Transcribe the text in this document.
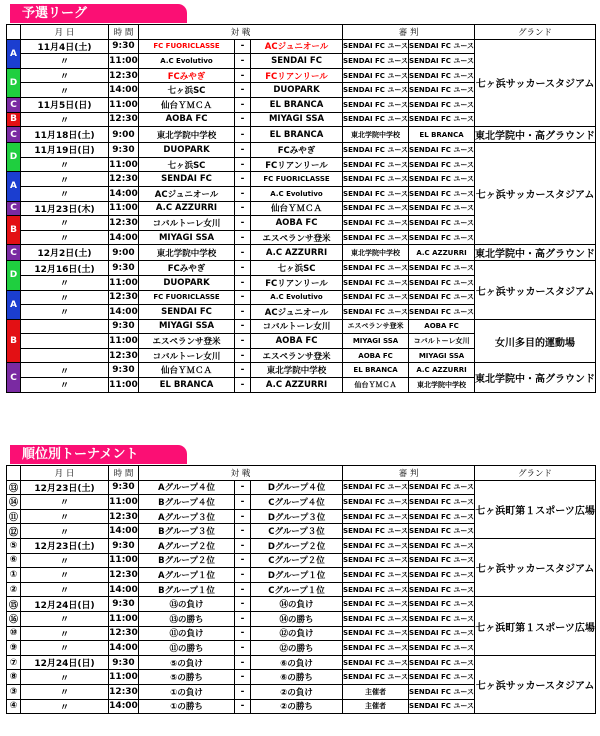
予選リーグ
	月 日	時 間	対 戦			審 判		グランド
A	11月4日(土)	9:30	FC FUORICLASSE	-	ACジュニオール	SENDAI FC ユース	SENDAI FC ユース	七ヶ浜サッカースタジアム
	〃	11:00	A.C Evolutivo	-	SENDAI FC	SENDAI FC ユース	SENDAI FC ユース	
D	〃	12:30	FCみやぎ	-	FCリアンリール	SENDAI FC ユース	SENDAI FC ユース	
	〃	14:00	七ヶ浜SC	-	DUOPARK	SENDAI FC ユース	SENDAI FC ユース	
C	11月5日(日)	11:00	仙台ＹＭＣＡ	-	EL BRANCA	SENDAI FC ユース	SENDAI FC ユース	
B	〃	12:30	AOBA FC	-	MIYAGI SSA	SENDAI FC ユース	SENDAI FC ユース	
C	11月18日(土)	9:00	東北学院中学校	-	EL BRANCA	東北学院中学校	EL BRANCA	東北学院中・高グラウンド
D	11月19日(日)	9:30	DUOPARK	-	FCみやぎ	SENDAI FC ユース	SENDAI FC ユース	七ヶ浜サッカースタジアム
	〃	11:00	七ヶ浜SC	-	FCリアンリール	SENDAI FC ユース	SENDAI FC ユース	
A	〃	12:30	SENDAI FC	-	FC FUORICLASSE	SENDAI FC ユース	SENDAI FC ユース	
	〃	14:00	ACジュニオール	-	A.C Evolutivo	SENDAI FC ユース	SENDAI FC ユース	
C	11月23日(木)	11:00	A.C AZZURRI	-	仙台ＹＭＣＡ	SENDAI FC ユース	SENDAI FC ユース	
B	〃	12:30	コバルトーレ女川	-	AOBA FC	SENDAI FC ユース	SENDAI FC ユース	
	〃	14:00	MIYAGI SSA	-	エスペランサ登米	SENDAI FC ユース	SENDAI FC ユース	
C	12月2日(土)	9:00	東北学院中学校	-	A.C AZZURRI	東北学院中学校	A.C AZZURRI	東北学院中・高グラウンド
D	12月16日(土)	9:30	FCみやぎ	-	七ヶ浜SC	SENDAI FC ユース	SENDAI FC ユース	七ヶ浜サッカースタジアム
	〃	11:00	DUOPARK	-	FCリアンリール	SENDAI FC ユース	SENDAI FC ユース	
A	〃	12:30	FC FUORICLASSE	-	A.C Evolutivo	SENDAI FC ユース	SENDAI FC ユース	
	〃	14:00	SENDAI FC	-	ACジュニオール	SENDAI FC ユース	SENDAI FC ユース	
B		9:30	MIYAGI SSA	-	コバルトーレ女川	エスペランサ登米	AOBA FC	女川多目的運動場
		11:00	エスペランサ登米	-	AOBA FC	MIYAGI SSA	コバルトーレ女川	
		12:30	コバルトーレ女川	-	エスペランサ登米	AOBA FC	MIYAGI SSA	
C	〃	9:30	仙台ＹＭＣＡ	-	東北学院中学校	EL BRANCA	A.C AZZURRI	東北学院中・高グラウンド
	〃	11:00	EL BRANCA	-	A.C AZZURRI	仙台ＹＭＣＡ	東北学院中学校	
順位別トーナメント
	月 日	時 間	対 戦			審 判		グランド
⑬	12月23日(土)	9:30	Aグループ４位	-	Dグループ４位	SENDAI FC ユース	SENDAI FC ユース	七ヶ浜町第１スポーツ広場
⑭	〃	11:00	Bグループ４位	-	Cグループ４位	SENDAI FC ユース	SENDAI FC ユース	
⑪	〃	12:30	Aグループ３位	-	Dグループ３位	SENDAI FC ユース	SENDAI FC ユース	
⑫	〃	14:00	Bグループ３位	-	Cグループ３位	SENDAI FC ユース	SENDAI FC ユース	
⑤	12月23日(土)	9:30	Aグループ２位	-	Dグループ２位	SENDAI FC ユース	SENDAI FC ユース	七ヶ浜サッカースタジアム
⑥	〃	11:00	Bグループ２位	-	Cグループ２位	SENDAI FC ユース	SENDAI FC ユース	
①	〃	12:30	Aグループ１位	-	Dグループ１位	SENDAI FC ユース	SENDAI FC ユース	
②	〃	14:00	Bグループ１位	-	Cグループ１位	SENDAI FC ユース	SENDAI FC ユース	
⑮	12月24日(日)	9:30	⑬の負け	-	⑭の負け	SENDAI FC ユース	SENDAI FC ユース	七ヶ浜町第１スポーツ広場
⑯	〃	11:00	⑬の勝ち	-	⑭の勝ち	SENDAI FC ユース	SENDAI FC ユース	
⑩	〃	12:30	⑪の負け	-	⑫の負け	SENDAI FC ユース	SENDAI FC ユース	
⑨	〃	14:00	⑪の勝ち	-	⑫の勝ち	SENDAI FC ユース	SENDAI FC ユース	
⑦	12月24日(日)	9:30	⑤の負け	-	⑥の負け	SENDAI FC ユース	SENDAI FC ユース	七ヶ浜サッカースタジアム
⑧	〃	11:00	⑤の勝ち	-	⑥の勝ち	SENDAI FC ユース	SENDAI FC ユース	
③	〃	12:30	①の負け	-	②の負け	主催者	SENDAI FC ユース	
④	〃	14:00	①の勝ち	-	②の勝ち	主催者	SENDAI FC ユース	
